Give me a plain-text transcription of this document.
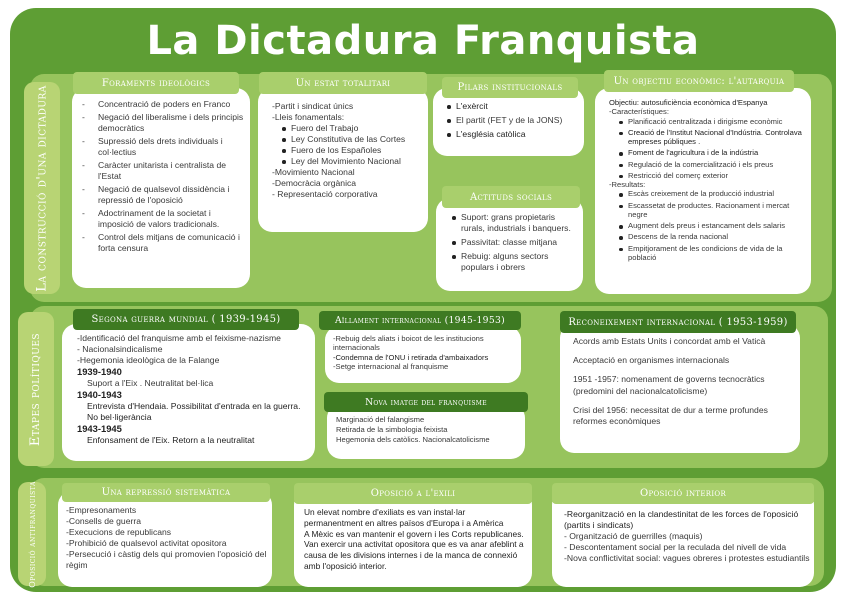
La Dictadura Franquista
La construcció d'una dictadura
-	Concentració de poders en Franco
- Negació del liberalisme i dels principis democràtics
- Supressió dels drets individuals i col·lectius
- Caràcter unitarista i centralista de l'Estat
- Negació de qualsevol dissidència i repressió de l'oposició
- Adoctrinament de la societat i imposició de valors tradicionals.
- Control dels mitjans de comunicació i forta censura
Foraments ideològics
-Partit i sindicat únics
-Lleis fonamentals:
Fuero del Trabajo
Ley Constitutiva de las Cortes
Fuero de los Españoles
Ley del Movimiento Nacional
-Movimiento Nacional
-Democràcia orgànica
- Representació corporativa
Un estat totalitari
L'exèrcit
El partit (FET y de la JONS)
L'església catòlica
Pilars institucionals
Suport: grans propietaris rurals, industrials i banquers.
Passivitat: classe mitjana
Rebuig: alguns sectors populars i obrers
Actituds socials
Objectiu: autosuficiència econòmica d'Espanya
-Característiques:
Planificació centralitzada i dirigisme econòmic
Creació de l'Institut Nacional d'Indústria. Controlava empreses públiques .
Foment de l'agricultura i de la indústria
Regulació de la comercialització i els preus
Restricció del comerç exterior
-Resultats:
Escàs creixement de la producció industrial
Escassetat de productes. Racionament i mercat negre
Augment dels preus i estancament dels salaris
Descens de la renda nacional
Empitjorament de les condicions de vida de la població
Un objectiu econòmic: l'autarquia
Etapes polítiques	-Identificació del franquisme amb el feixisme-nazisme
- Nacionalsindicalisme
-Hegemonia ideològica de la Falange
1939-1940
Suport a l'Eix . Neutralitat bel·lica
1940-1943
Entrevista d'Hendaia. Possibilitat d'entrada en la guerra. No bel·ligerància
1943-1945
Enfonsament de l'Eix. Retorn a la neutralitat
Segona guerra mundial ( 1939-1945)
-Rebuig dels aliats i boicot de les institucions internacionals
-Condemna de l'ONU i retirada d'ambaixadors
-Setge internacional al franquisme
Aïllament internacional (1945-1953)
Marginació del falangisme
Retirada de la simbologia feixista
Hegemonia dels catòlics. Nacionalcatolicisme
Nova imatge del franquisme
Acords amb Estats Units i concordat amb el Vaticà
Acceptació en organismes internacionals
1951 -1957: nomenament de governs tecnocràtics (predomini del nacionalcatolicisme)
Crisi del 1956: necessitat de dur a terme profundes reformes econòmiques
Reconeixement internacional ( 1953-1959)
Oposició antifranquista	-Empresonaments
-Consells de guerra
-Execucions de republicans
-Prohibició de qualsevol activitat opositora
-Persecució i càstig dels qui promovien l'oposició del règim
Una repressió sistemàtica
Un elevat nombre d'exiliats es van instal·lar permanentment en altres països d'Europa i a Amèrica
A Mèxic es van mantenir el govern i les Corts republicanes. Van exercir una activitat opositora que es va anar afeblint a causa de les divisions internes i de la manca de connexió amb l'oposició interior.
Oposició a l'exili
-Reorganització en la clandestinitat de les forces de l'oposició (partits i sindicats)
- Organització de guerrilles (maquis)
- Descontentament social per la reculada del nivell de vida
-Nova conflictivitat social: vagues obreres i protestes estudiantils
Oposició interior
